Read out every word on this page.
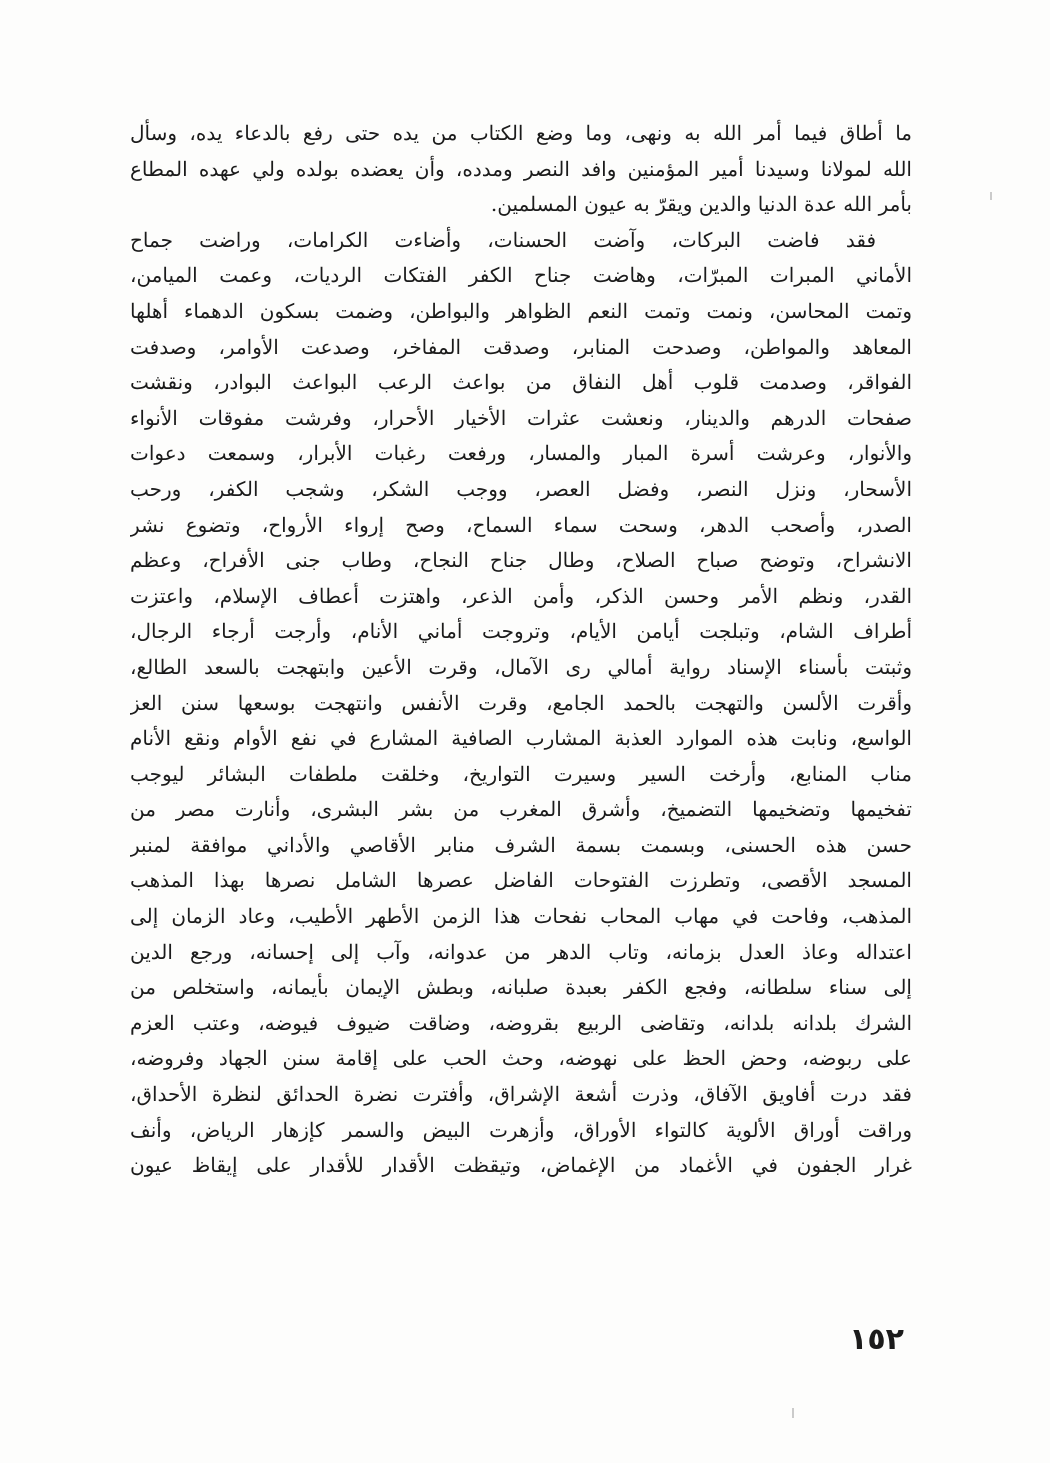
ما أطاق فيما أمر الله به ونهى، وما وضع الكتاب من يده حتى رفع بالدعاء يده، وسأل
الله لمولانا وسيدنا أمير المؤمنين وافد النصر ومدده، وأن يعضده بولده ولي عهده المطاع
بأمر الله عدة الدنيا والدين ويقرّ به عيون المسلمين.
فقد فاضت البركات، وآضت الحسنات، وأضاءت الكرامات، وراضت جماح
الأماني المبرات المبرّات، وهاضت جناح الكفر الفتكات الرديات، وعمت الميامن،
وتمت المحاسن، ونمت وتمت النعم الظواهر والبواطن، وضمت بسكون الدهماء أهلها
المعاهد والمواطن، وصدحت المنابر، وصدقت المفاخر، وصدعت الأوامر، وصدفت
الفواقر، وصدمت قلوب أهل النفاق من بواعث الرعب البواعث البوادر، ونقشت
صفحات الدرهم والدينار، ونعشت عثرات الأخيار الأحرار، وفرشت مفوقات الأنواء
والأنوار، وعرشت أسرة المبار والمسار، ورفعت رغبات الأبرار، وسمعت دعوات
الأسحار، ونزل النصر، وفضل العصر، ووجب الشكر، وشجب الكفر، ورحب
الصدر، وأصحب الدهر، وسحت سماء السماح، وصح إرواء الأرواح، وتضوع نشر
الانشراح، وتوضح صباح الصلاح، وطال جناح النجاح، وطاب جنى الأفراح، وعظم
القدر، ونظم الأمر وحسن الذكر، وأمن الذعر، واهتزت أعطاف الإسلام، واعتزت
أطراف الشام، وتبلجت أيامن الأيام، وتروجت أماني الأنام، وأرجت أرجاء الرجال،
وثبتت بأسناء الإسناد رواية أمالي رى الآمال، وقرت الأعين وابتهجت بالسعد الطالع،
وأقرت الألسن والتهجت بالحمد الجامع، وقرت الأنفس وانتهجت بوسعها سنن العز
الواسع، ونابت هذه الموارد العذبة المشارب الصافية المشارع في نفع الأوام ونقع الأنام
مناب المنابع، وأرخت السير وسيرت التواريخ، وخلقت ملطفات البشائر ليوجب
تفخيمها وتضخيمها التضميخ، وأشرق المغرب من بشر البشرى، وأنارت مصر من
حسن هذه الحسنى، وبسمت بسمة الشرف منابر الأقاصي والأداني موافقة لمنبر
المسجد الأقصى، وتطرزت الفتوحات الفاضل عصرها الشامل نصرها بهذا المذهب
المذهب، وفاحت في مهاب المحاب نفحات هذا الزمن الأطهر الأطيب، وعاد الزمان إلى
اعتداله وعاذ العدل بزمانه، وتاب الدهر من عدوانه، وآب إلى إحسانه، ورجع الدين
إلى سناء سلطانه، وفجع الكفر بعبدة صلبانه، وبطش الإيمان بأيمانه، واستخلص من
الشرك بلدانه بلدانه، وتقاضى الربيع بقروضه، وضاقت ضيوف فيوضه، وعتب العزم
على ربوضه، وحض الحظ على نهوضه، وحث الحب على إقامة سنن الجهاد وفروضه،
فقد درت أفاويق الآفاق، وذرت أشعة الإشراق، وأفترت نضرة الحدائق لنظرة الأحداق،
وراقت أوراق الألوية كالتواء الأوراق، وأزهرت البيض والسمر كإزهار الرياض، وأنف
غرار الجفون في الأغماد من الإغماض، وتيقظت الأقدار للأقدار على إيقاظ عيون
١٥٢
